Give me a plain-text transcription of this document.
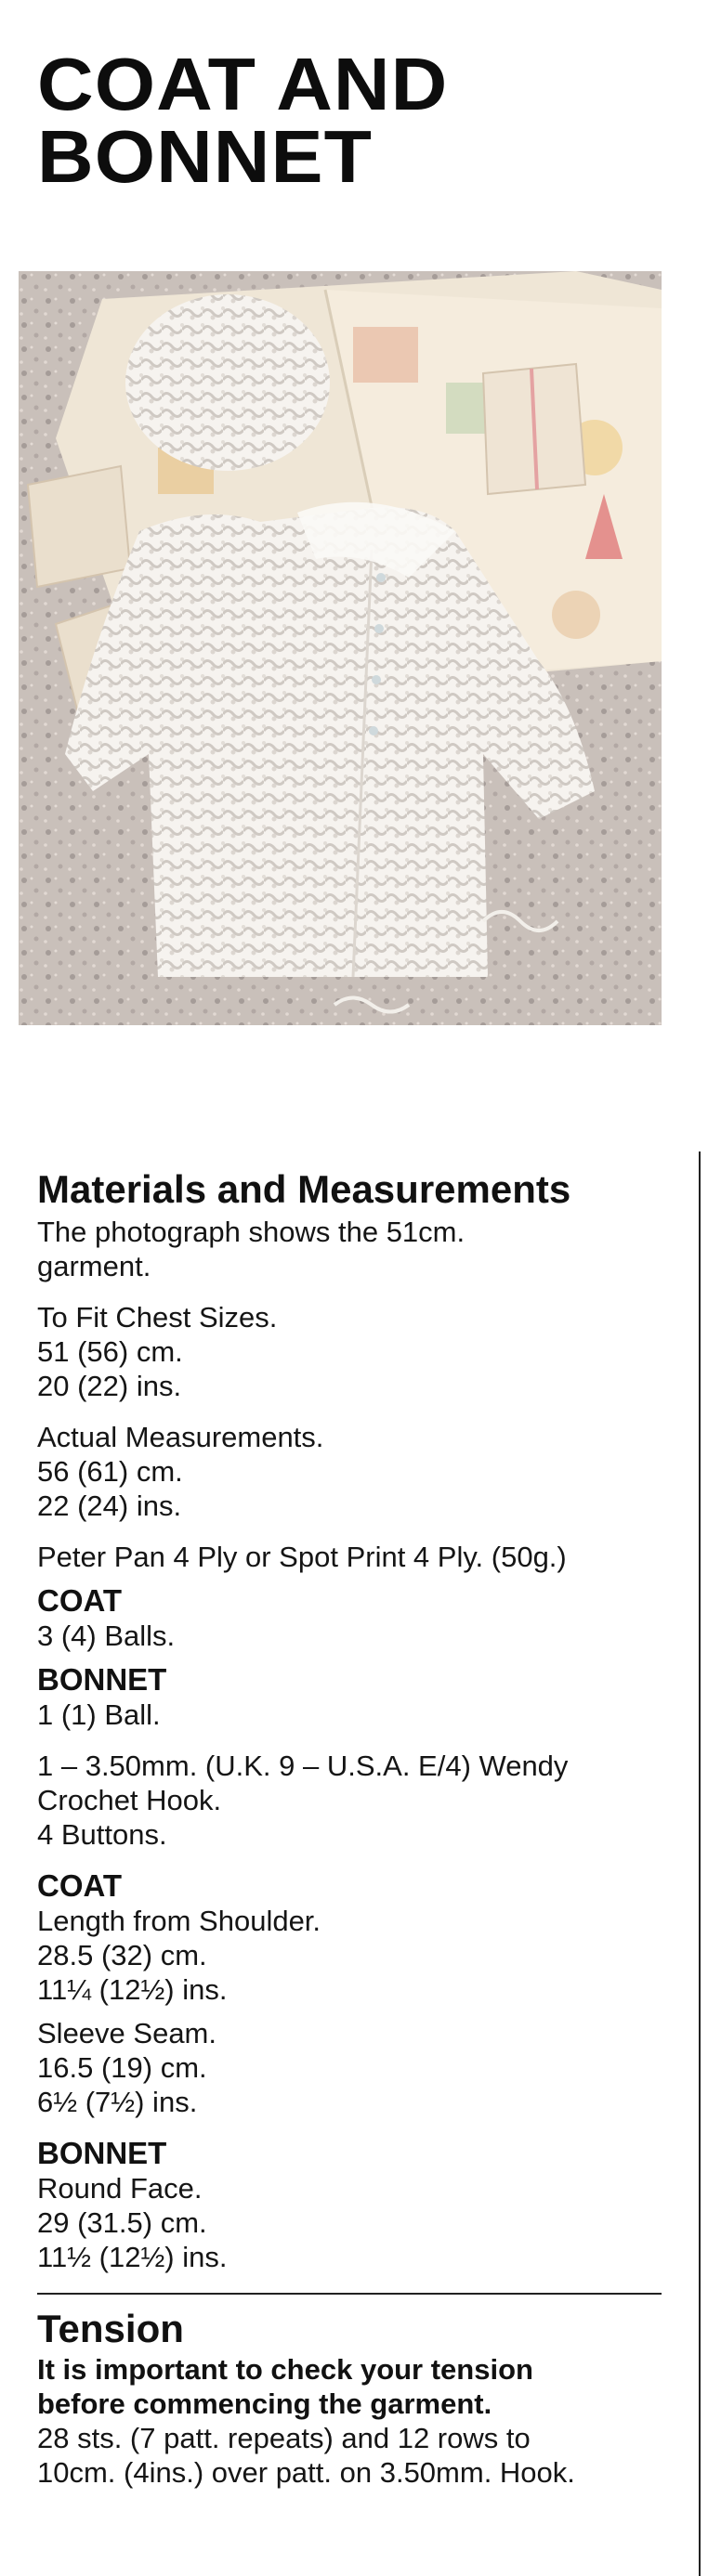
COAT AND
BONNET
Materials and Measurements
The photograph shows the 51cm.
garment.
To Fit Chest Sizes.
51 (56) cm.
20 (22) ins.
Actual Measurements.
56 (61) cm.
22 (24) ins.
Peter Pan 4 Ply or Spot Print 4 Ply. (50g.)
COAT
3 (4) Balls.
BONNET
1 (1) Ball.
1 – 3.50mm. (U.K. 9 – U.S.A. E/4) Wendy
Crochet Hook.
4 Buttons.
COAT
Length from Shoulder.
28.5 (32) cm.
11¼ (12½) ins.
Sleeve Seam.
16.5 (19) cm.
6½ (7½) ins.
BONNET
Round Face.
29 (31.5) cm.
11½ (12½) ins.
Tension
It is important to check your tension
before commencing the garment.
28 sts. (7 patt. repeats) and 12 rows to
10cm. (4ins.) over patt. on 3.50mm. Hook.
